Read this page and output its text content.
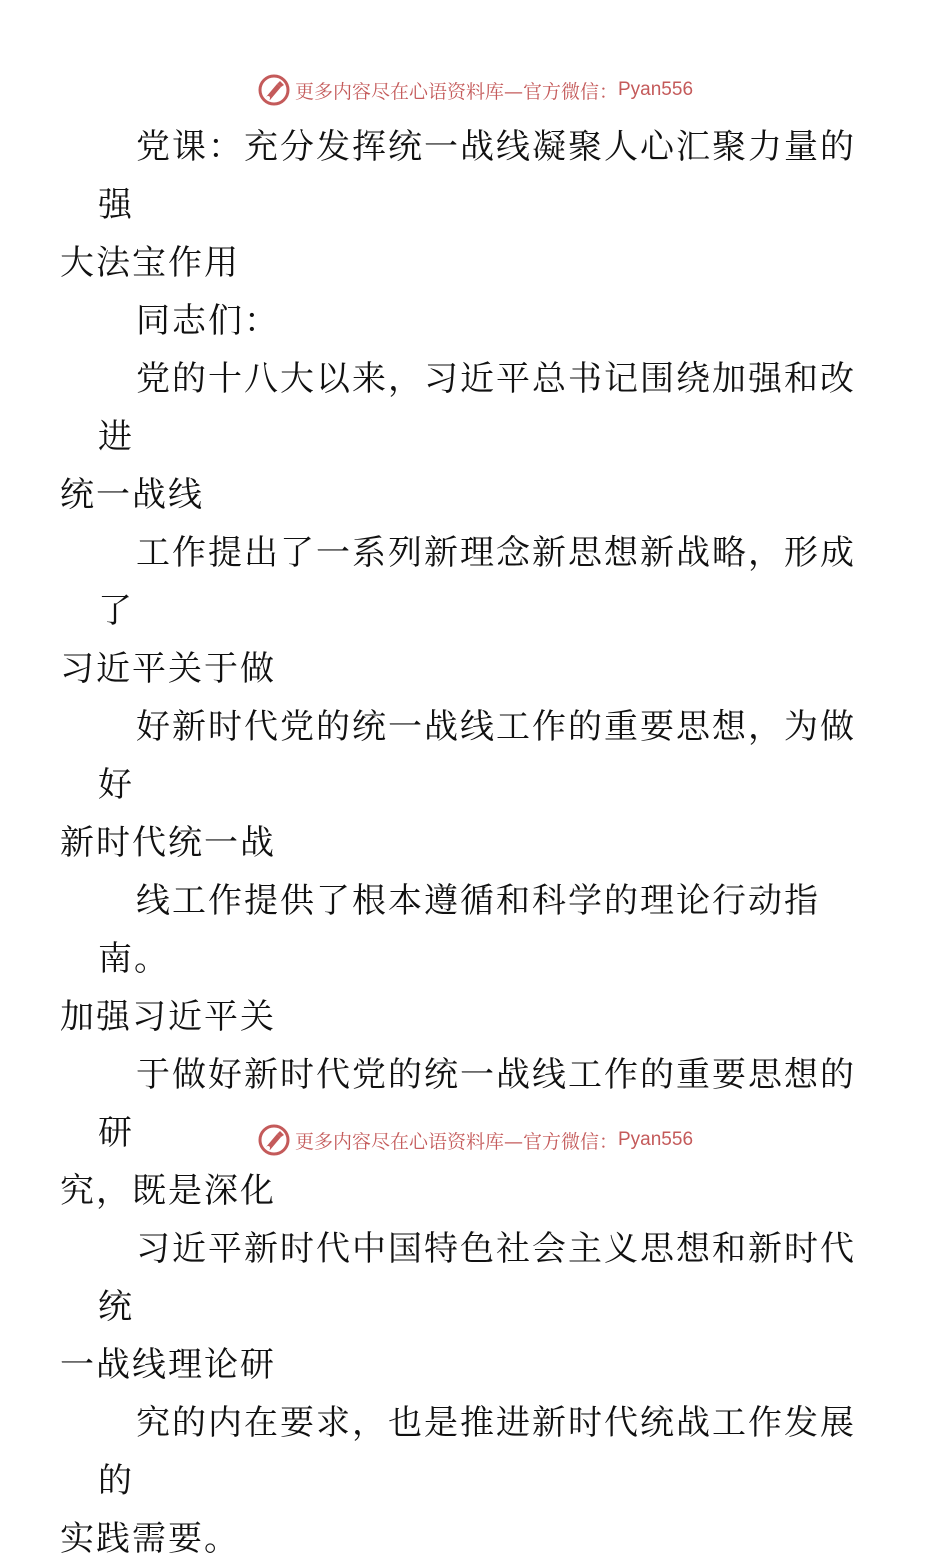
更多内容尽在心语资料库—官方微信： Pyan556

党课：充分发挥统一战线凝聚人心汇聚力量的强
大法宝作用

同志们：

党的十八大以来，习近平总书记围绕加强和改进
统一战线

工作提出了一系列新理念新思想新战略，形成了
习近平关于做

好新时代党的统一战线工作的重要思想，为做好
新时代统一战

线工作提供了根本遵循和科学的理论行动指南。
加强习近平关

于做好新时代党的统一战线工作的重要思想的研
究，既是深化

习近平新时代中国特色社会主义思想和新时代统
一战线理论研

究的内在要求，也是推进新时代统战工作发展的
实践需要。

更多内容尽在心语资料库—官方微信： Pyan556
